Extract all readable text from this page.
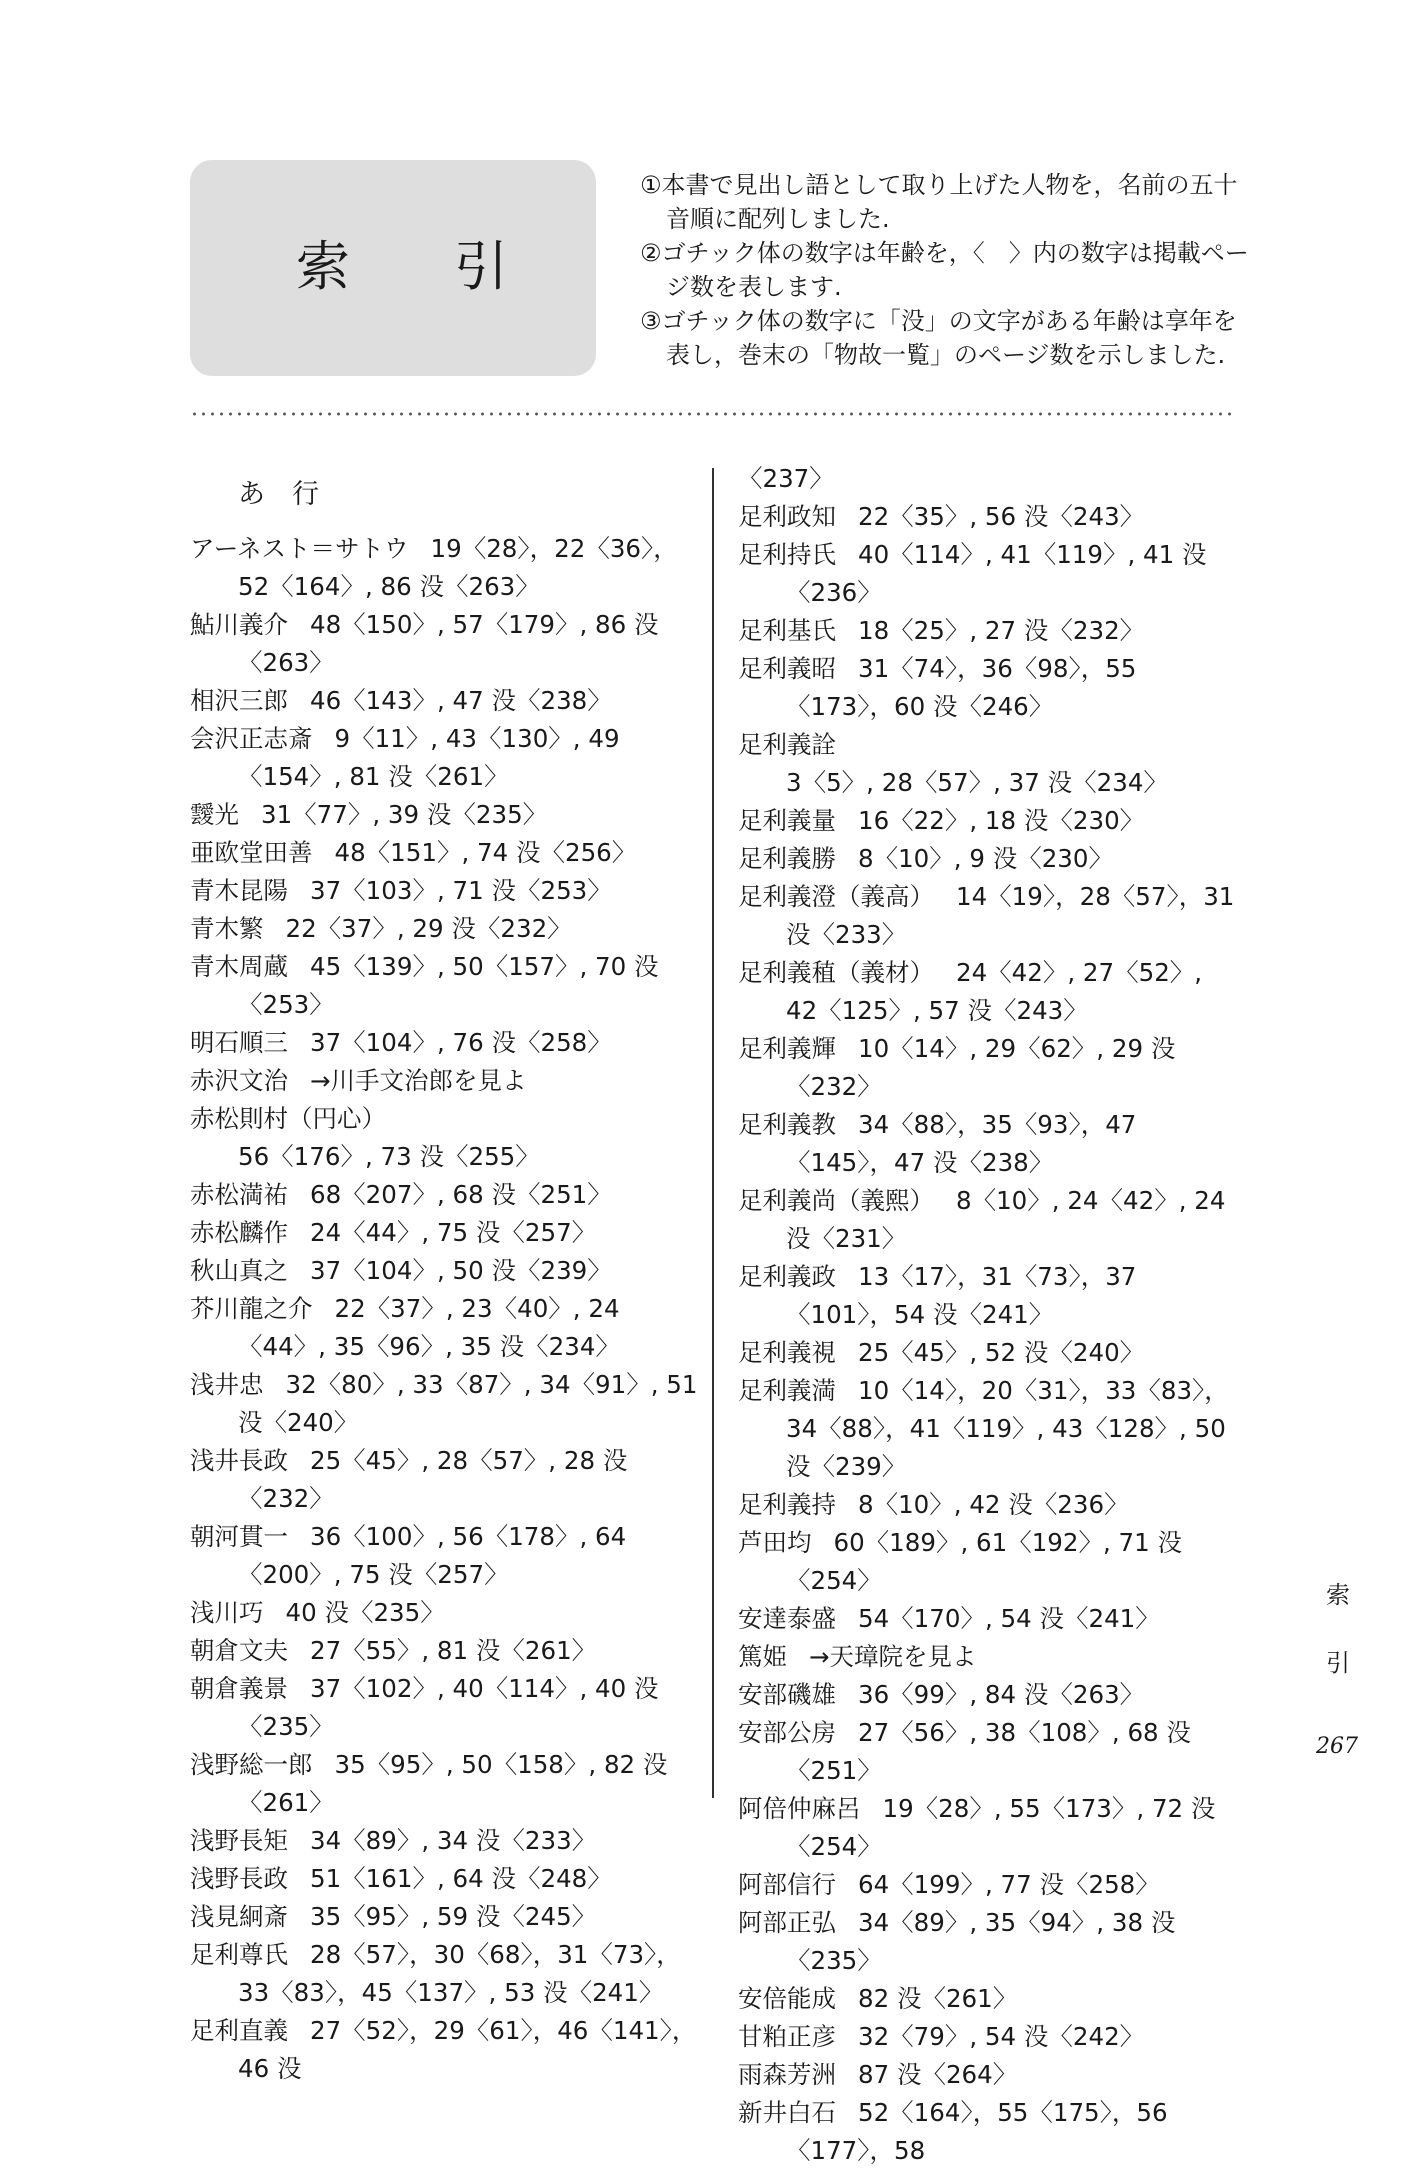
索 引
①本書で見出し語として取り上げた人物を，名前の五十音順に配列しました.
②ゴチック体の数字は年齢を，〈　〉内の数字は掲載ページ数を表します.
③ゴチック体の数字に「没」の文字がある年齢は享年を表し，巻末の「物故一覧」のページ数を示しました.
あ　行
アーネスト＝サトウ 19〈28〉，22〈36〉，52〈164〉, 86 没〈263〉
鮎川義介 48〈150〉, 57〈179〉, 86 没〈263〉
相沢三郎 46〈143〉, 47 没〈238〉
会沢正志斎 9〈11〉, 43〈130〉, 49〈154〉, 81 没〈261〉
靉光 31〈77〉, 39 没〈235〉
亜欧堂田善 48〈151〉, 74 没〈256〉
青木昆陽 37〈103〉, 71 没〈253〉
青木繁 22〈37〉, 29 没〈232〉
青木周蔵 45〈139〉, 50〈157〉, 70 没〈253〉
明石順三 37〈104〉, 76 没〈258〉
赤沢文治 →川手文治郎を見よ
赤松則村（円心）56〈176〉, 73 没〈255〉
赤松満祐 68〈207〉, 68 没〈251〉
赤松麟作 24〈44〉, 75 没〈257〉
秋山真之 37〈104〉, 50 没〈239〉
芥川龍之介 22〈37〉, 23〈40〉, 24〈44〉, 35〈96〉, 35 没〈234〉
浅井忠 32〈80〉, 33〈87〉, 34〈91〉, 51 没〈240〉
浅井長政 25〈45〉, 28〈57〉, 28 没〈232〉
朝河貫一 36〈100〉, 56〈178〉, 64〈200〉, 75 没〈257〉
浅川巧 40 没〈235〉
朝倉文夫 27〈55〉, 81 没〈261〉
朝倉義景 37〈102〉, 40〈114〉, 40 没〈235〉
浅野総一郎 35〈95〉, 50〈158〉, 82 没〈261〉
浅野長矩 34〈89〉, 34 没〈233〉
浅野長政 51〈161〉, 64 没〈248〉
浅見絅斎 35〈95〉, 59 没〈245〉
足利尊氏 28〈57〉，30〈68〉，31〈73〉，33〈83〉，45〈137〉, 53 没〈241〉
足利直義 27〈52〉，29〈61〉，46〈141〉，46 没
〈237〉
足利政知 22〈35〉, 56 没〈243〉
足利持氏 40〈114〉, 41〈119〉, 41 没〈236〉
足利基氏 18〈25〉, 27 没〈232〉
足利義昭 31〈74〉，36〈98〉，55〈173〉，60 没〈246〉
足利義詮3〈5〉, 28〈57〉, 37 没〈234〉
足利義量 16〈22〉, 18 没〈230〉
足利義勝 8〈10〉, 9 没〈230〉
足利義澄（義高） 14〈19〉，28〈57〉，31 没〈233〉
足利義稙（義材） 24〈42〉, 27〈52〉, 42〈125〉, 57 没〈243〉
足利義輝 10〈14〉, 29〈62〉, 29 没〈232〉
足利義教 34〈88〉，35〈93〉，47〈145〉，47 没〈238〉
足利義尚（義熙） 8〈10〉, 24〈42〉, 24 没〈231〉
足利義政 13〈17〉，31〈73〉，37〈101〉，54 没〈241〉
足利義視 25〈45〉, 52 没〈240〉
足利義満 10〈14〉，20〈31〉，33〈83〉，34〈88〉，41〈119〉, 43〈128〉, 50 没〈239〉
足利義持 8〈10〉, 42 没〈236〉
芦田均 60〈189〉, 61〈192〉, 71 没〈254〉
安達泰盛 54〈170〉, 54 没〈241〉
篤姫 →天璋院を見よ
安部磯雄 36〈99〉, 84 没〈263〉
安部公房 27〈56〉, 38〈108〉, 68 没〈251〉
阿倍仲麻呂 19〈28〉, 55〈173〉, 72 没〈254〉
阿部信行 64〈199〉, 77 没〈258〉
阿部正弘 34〈89〉, 35〈94〉, 38 没〈235〉
安倍能成 82 没〈261〉
甘粕正彦 32〈79〉, 54 没〈242〉
雨森芳洲 87 没〈264〉
新井白石 52〈164〉，55〈175〉，56〈177〉，58
索
引
267
